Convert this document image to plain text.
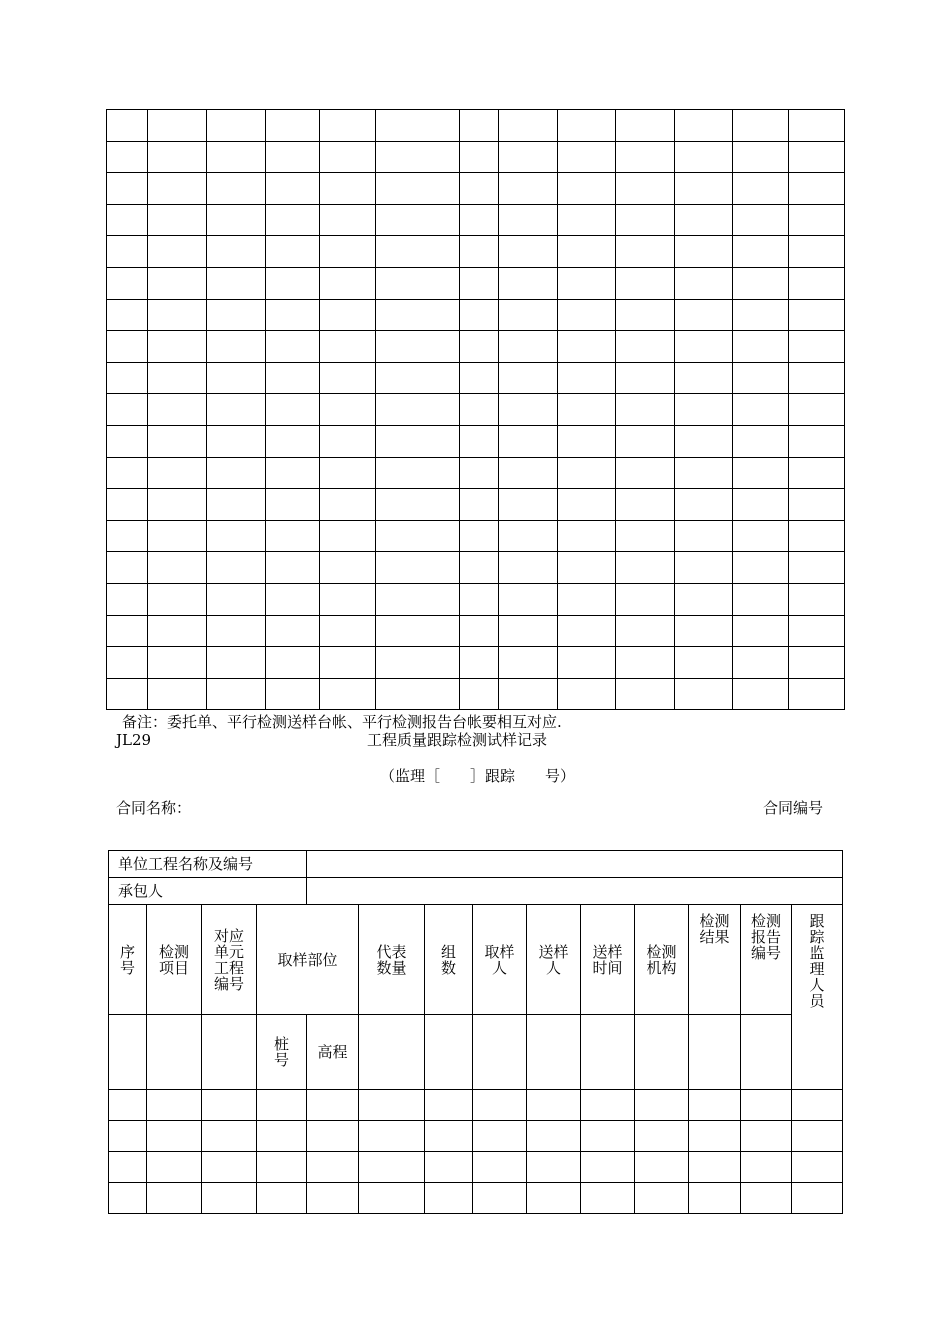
备注：委托单、平行检测送样台帐、平行检测报告台帐要相互对应.
JL29	工程质量跟踪检测试样记录
（监理［　　］跟踪　　号）
合同名称：	合同编号
单位工程名称及编号													
承包人													
序号	检测项目	对应单元工程编号	取样部位		代表数量	组数	取样人	送样人	送样时间	检测机构	检测结果	检测报告编号	跟踪监理人员
			桩号	高程									
